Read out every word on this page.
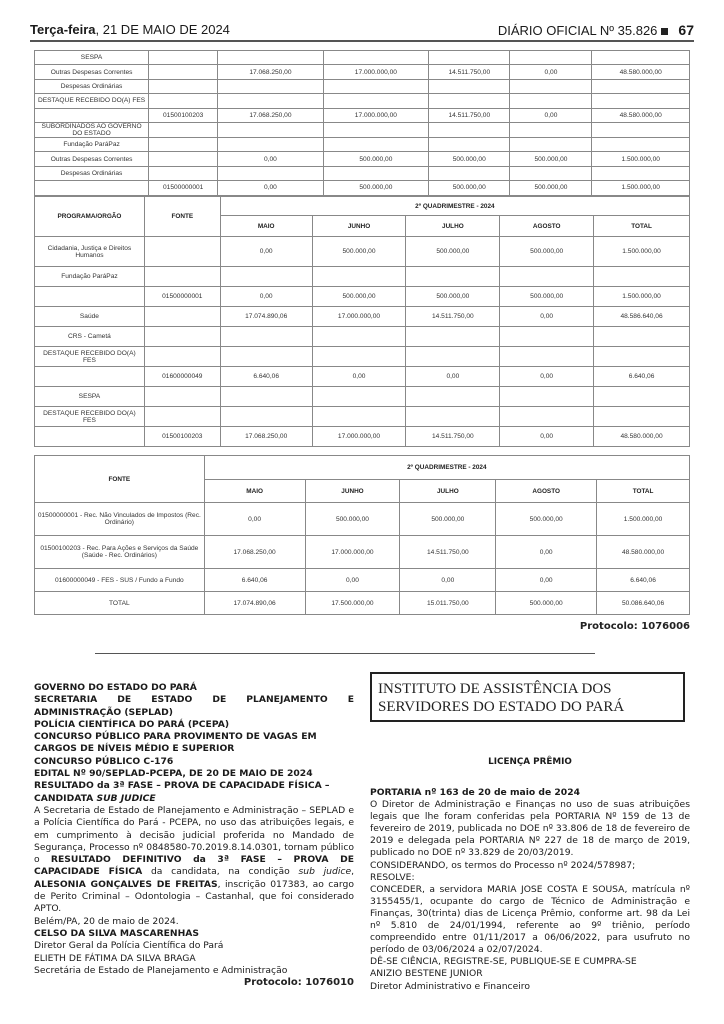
Terça-feira, 21 DE MAIO DE 2024	DIÁRIO OFICIAL Nº 35.826 67
SESPA						
Outras Despesas Correntes		17.068.250,00	17.000.000,00	14.511.750,00	0,00	48.580.000,00
Despesas Ordinárias						
DESTAQUE RECEBIDO DO(A) FES						
	01500100203	17.068.250,00	17.000.000,00	14.511.750,00	0,00	48.580.000,00
SUBORDINADOS AO GOVERNO DO ESTADO						
Fundação ParáPaz						
Outras Despesas Correntes		0,00	500.000,00	500.000,00	500.000,00	1.500.000,00
Despesas Ordinárias						
	01500000001	0,00	500.000,00	500.000,00	500.000,00	1.500.000,00
PROGRAMA/ORGÃO	FONTE	2º QUADRIMESTRE - 2024				
		MAIO	JUNHO	JULHO	AGOSTO	TOTAL
Cidadania, Justiça e Direitos Humanos		0,00	500.000,00	500.000,00	500.000,00	1.500.000,00
Fundação ParáPaz						
	01500000001	0,00	500.000,00	500.000,00	500.000,00	1.500.000,00
Saúde		17.074.890,06	17.000.000,00	14.511.750,00	0,00	48.586.640,06
CRS - Cametá						
DESTAQUE RECEBIDO DO(A) FES						
	01600000049	6.640,06	0,00	0,00	0,00	6.640,06
SESPA						
DESTAQUE RECEBIDO DO(A) FES						
	01500100203	17.068.250,00	17.000.000,00	14.511.750,00	0,00	48.580.000,00
FONTE	2º QUADRIMESTRE - 2024				
	MAIO	JUNHO	JULHO	AGOSTO	TOTAL
01500000001 - Rec. Não Vinculados de Impostos (Rec. Ordinário)	0,00	500.000,00	500.000,00	500.000,00	1.500.000,00
01500100203 - Rec. Para Ações e Serviços da Saúde (Saúde - Rec. Ordinários)	17.068.250,00	17.000.000,00	14.511.750,00	0,00	48.580.000,00
01600000049 - FES - SUS / Fundo a Fundo	6.640,06	0,00	0,00	0,00	6.640,06
TOTAL	17.074.890,06	17.500.000,00	15.011.750,00	500.000,00	50.086.640,06
Protocolo: 1076006
GOVERNO DO ESTADO DO PARÁ
SECRETARIA DE ESTADO DE PLANEJAMENTO E ADMINISTRAÇÃO (SEPLAD)
POLÍCIA CIENTÍFICA DO PARÁ (PCEPA)
CONCURSO PÚBLICO PARA PROVIMENTO DE VAGAS EM CARGOS DE NÍVEIS MÉDIO E SUPERIOR
CONCURSO PÚBLICO C-176
EDITAL Nº 90/SEPLAD-PCEPA, DE 20 DE MAIO DE 2024
RESULTADO da 3ª FASE – PROVA DE CAPACIDADE FÍSICA – CANDIDATA SUB JUDICE

A Secretaria de Estado de Planejamento e Administração – SEPLAD e a Polícia Científica do Pará - PCEPA, no uso das atribuições legais, e em cumprimento à decisão judicial proferida no Mandado de Segurança, Processo nº 0848580-70.2019.8.14.0301, tornam público o RESULTADO DEFINITIVO da 3ª FASE – PROVA DE CAPACIDADE FÍSICA da candidata, na condição sub judice, ALESONIA GONÇALVES DE FREITAS, inscrição 017383, ao cargo de Perito Criminal – Odontologia – Castanhal, que foi considerado APTO.

Belém/PA, 20 de maio de 2024.
CELSO DA SILVA MASCARENHAS
Diretor Geral da Polícia Científica do Pará
ELIETH DE FÁTIMA DA SILVA BRAGA
Secretária de Estado de Planejamento e Administração
Protocolo: 1076010
INSTITUTO DE ASSISTÊNCIA DOS SERVIDORES DO ESTADO DO PARÁ
LICENÇA PRÊMIO
PORTARIA nº 163 de 20 de maio de 2024

O Diretor de Administração e Finanças no uso de suas atribuições legais que lhe foram conferidas pela PORTARIA Nº 159 de 13 de fevereiro de 2019, publicada no DOE nº 33.806 de 18 de fevereiro de 2019 e delegada pela PORTARIA Nº 227 de 18 de março de 2019, publicado no DOE nº 33.829 de 20/03/2019.

CONSIDERANDO, os termos do Processo nº 2024/578987;
RESOLVE:

CONCEDER, a servidora MARIA JOSE COSTA E SOUSA, matrícula nº 3155455/1, ocupante do cargo de Técnico de Administração e Finanças, 30(trinta) dias de Licença Prêmio, conforme art. 98 da Lei nº 5.810 de 24/01/1994, referente ao 9º triênio, período compreendido entre 01/11/2017 a 06/06/2022, para usufruto no período de 03/06/2024 a 02/07/2024.

DÊ-SE CIÊNCIA, REGISTRE-SE, PUBLIQUE-SE E CUMPRA-SE
ANIZIO BESTENE JUNIOR
Diretor Administrativo e Financeiro
